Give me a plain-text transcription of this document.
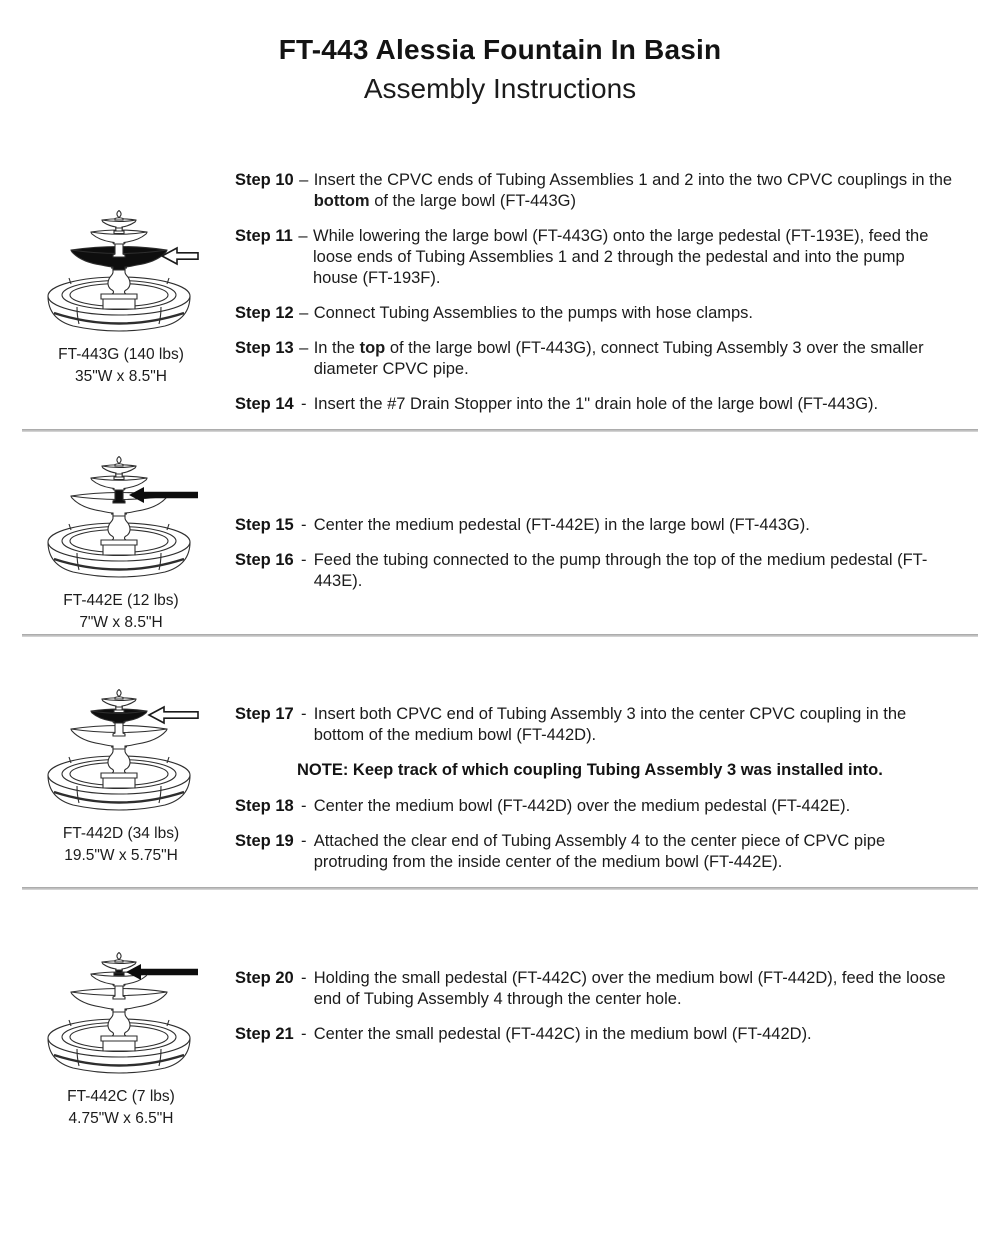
FT-443 Alessia Fountain In Basin
Assembly Instructions
FT-443G (140 lbs)
35"W x 8.5"H
Step 10 – Insert the CPVC ends of Tubing Assemblies 1 and 2 into the two CPVC couplings in the bottom of the large bowl (FT-443G)
Step 11 – While lowering the large bowl (FT-443G) onto the large pedestal (FT-193E), feed the loose ends of Tubing Assemblies 1 and 2 through the pedestal and into the pump house (FT-193F).
Step 12 – Connect Tubing Assemblies to the pumps with hose clamps.
Step 13 – In the top of the large bowl (FT-443G), connect Tubing Assembly 3 over the smaller diameter CPVC pipe.
Step 14 - Insert the #7 Drain Stopper into the 1" drain hole of the large bowl (FT-443G).
FT-442E (12 lbs)
7"W x 8.5"H
Step 15 - Center the medium pedestal (FT-442E) in the large bowl (FT-443G).
Step 16 - Feed the tubing connected to the pump through the top of the medium pedestal (FT-443E).
FT-442D (34 lbs)
19.5"W x 5.75"H
Step 17 - Insert both CPVC end of Tubing Assembly 3 into the center CPVC coupling in the bottom of the medium bowl (FT-442D).
NOTE: Keep track of which coupling Tubing Assembly 3 was installed into.
Step 18 - Center the medium bowl (FT-442D) over the medium pedestal (FT-442E).
Step 19 - Attached the clear end of Tubing Assembly 4 to the center piece of CPVC pipe protruding from the inside center of the medium bowl (FT-442E).
FT-442C (7 lbs)
4.75"W x 6.5"H
Step 20 - Holding the small pedestal (FT-442C) over the medium bowl (FT-442D), feed the loose end of Tubing Assembly 4 through the center hole.
Step 21 - Center the small pedestal (FT-442C) in the medium bowl (FT-442D).
